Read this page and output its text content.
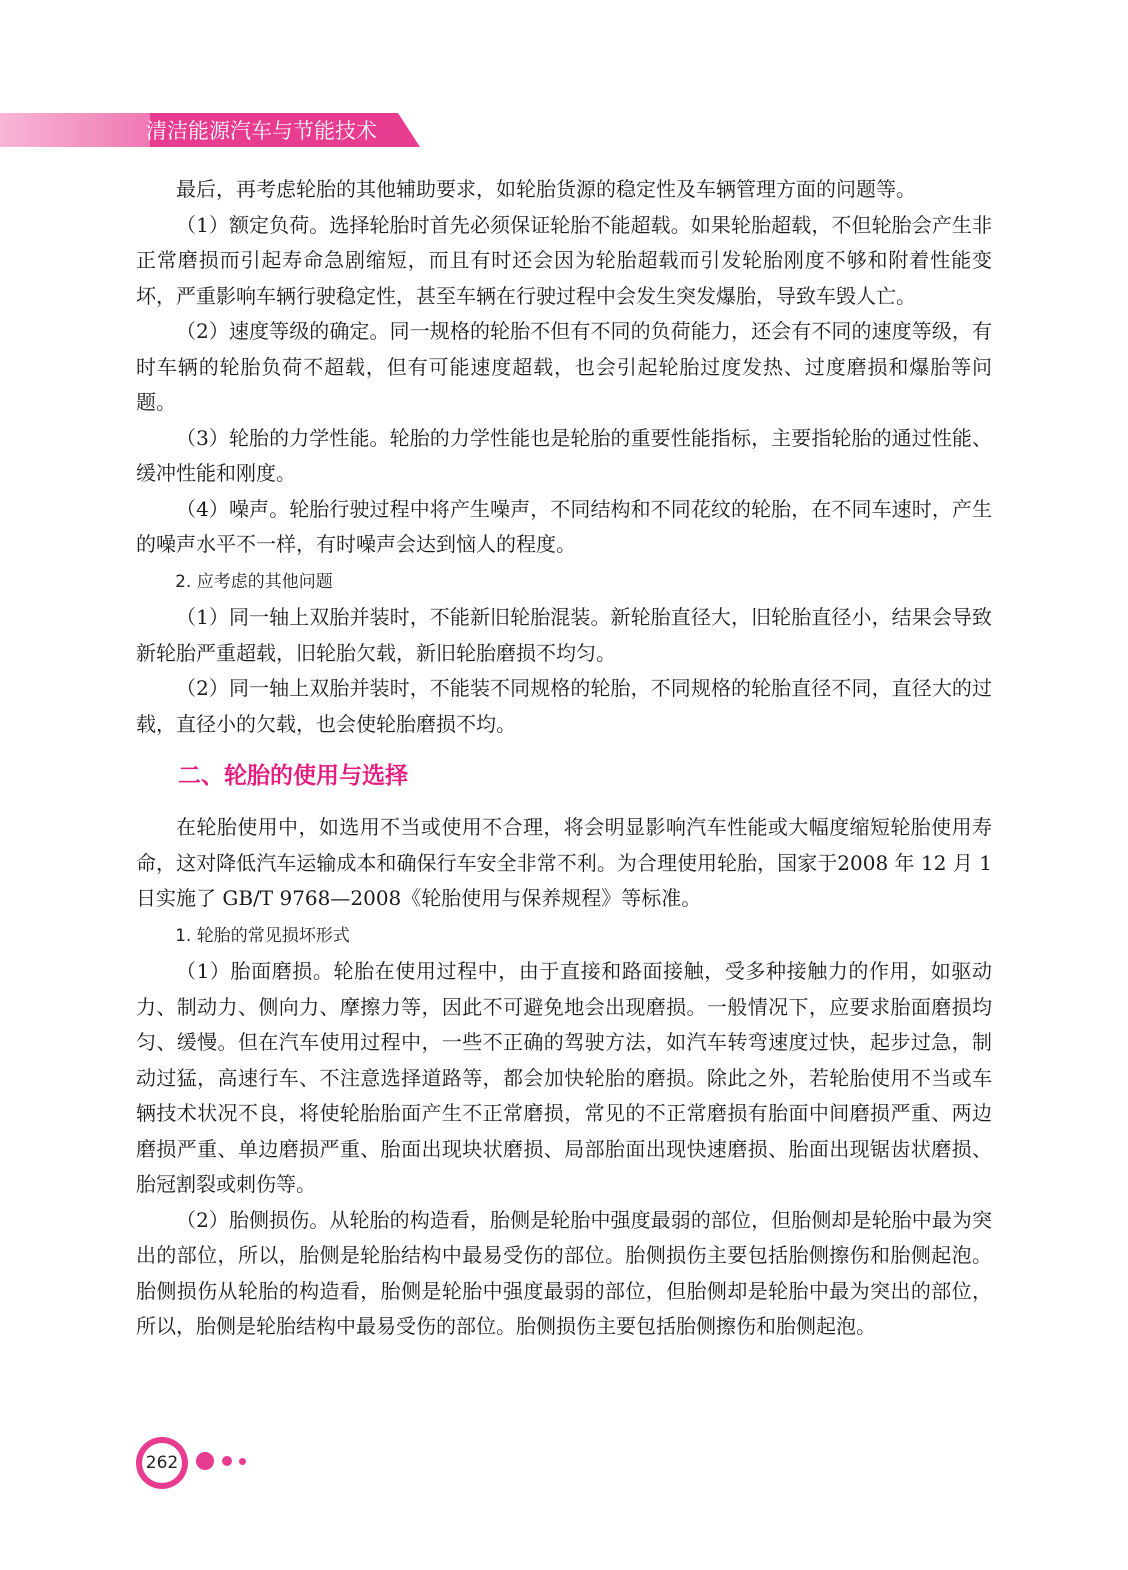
清洁能源汽车与节能技术

最后，再考虑轮胎的其他辅助要求，如轮胎货源的稳定性及车辆管理方面的问题等。

（1）额定负荷。选择轮胎时首先必须保证轮胎不能超载。如果轮胎超载，不但轮胎会产生非正常磨损而引起寿命急剧缩短，而且有时还会因为轮胎超载而引发轮胎刚度不够和附着性能变坏，严重影响车辆行驶稳定性，甚至车辆在行驶过程中会发生突发爆胎，导致车毁人亡。

（2）速度等级的确定。同一规格的轮胎不但有不同的负荷能力，还会有不同的速度等级，有时车辆的轮胎负荷不超载，但有可能速度超载，也会引起轮胎过度发热、过度磨损和爆胎等问题。

（3）轮胎的力学性能。轮胎的力学性能也是轮胎的重要性能指标，主要指轮胎的通过性能、缓冲性能和刚度。

（4）噪声。轮胎行驶过程中将产生噪声，不同结构和不同花纹的轮胎，在不同车速时，产生的噪声水平不一样，有时噪声会达到恼人的程度。

2. 应考虑的其他问题

（1）同一轴上双胎并装时，不能新旧轮胎混装。新轮胎直径大，旧轮胎直径小，结果会导致新轮胎严重超载，旧轮胎欠载，新旧轮胎磨损不均匀。

（2）同一轴上双胎并装时，不能装不同规格的轮胎，不同规格的轮胎直径不同，直径大的过载，直径小的欠载，也会使轮胎磨损不均。

二、轮胎的使用与选择

在轮胎使用中，如选用不当或使用不合理，将会明显影响汽车性能或大幅度缩短轮胎使用寿命，这对降低汽车运输成本和确保行车安全非常不利。为合理使用轮胎，国家于2008 年 12 月 1 日实施了 GB/T 9768—2008《轮胎使用与保养规程》等标准。

1. 轮胎的常见损坏形式

（1）胎面磨损。轮胎在使用过程中，由于直接和路面接触，受多种接触力的作用，如驱动力、制动力、侧向力、摩擦力等，因此不可避免地会出现磨损。一般情况下，应要求胎面磨损均匀、缓慢。但在汽车使用过程中，一些不正确的驾驶方法，如汽车转弯速度过快，起步过急，制动过猛，高速行车、不注意选择道路等，都会加快轮胎的磨损。除此之外，若轮胎使用不当或车辆技术状况不良，将使轮胎胎面产生不正常磨损，常见的不正常磨损有胎面中间磨损严重、两边磨损严重、单边磨损严重、胎面出现块状磨损、局部胎面出现快速磨损、胎面出现锯齿状磨损、胎冠割裂或刺伤等。

（2）胎侧损伤。从轮胎的构造看，胎侧是轮胎中强度最弱的部位，但胎侧却是轮胎中最为突出的部位，所以，胎侧是轮胎结构中最易受伤的部位。胎侧损伤主要包括胎侧擦伤和胎侧起泡。胎侧损伤从轮胎的构造看，胎侧是轮胎中强度最弱的部位，但胎侧却是轮胎中最为突出的部位，所以，胎侧是轮胎结构中最易受伤的部位。胎侧损伤主要包括胎侧擦伤和胎侧起泡。

262
